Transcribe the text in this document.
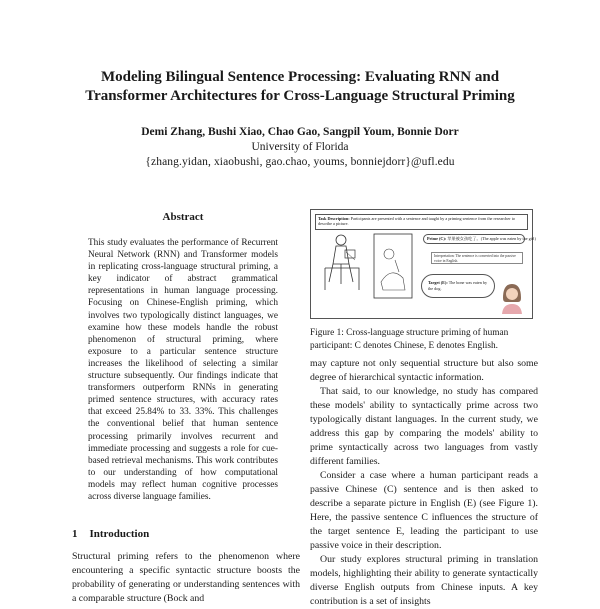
Modeling Bilingual Sentence Processing: Evaluating RNN and
Transformer Architectures for Cross-Language Structural Priming
Demi Zhang, Bushi Xiao, Chao Gao, Sangpil Youm, Bonnie Dorr
University of Florida
{zhang.yidan, xiaobushi, gao.chao, youms, bonniejdorr}@ufl.edu
Abstract

This study evaluates the performance of Recurrent Neural Network (RNN) and Transformer models in replicating cross-language structural priming, a key indicator of abstract grammatical representations in human language processing. Focusing on Chinese-English priming, which involves two typologically distinct languages, we examine how these models handle the robust phenomenon of structural priming, where exposure to a particular sentence structure increases the likelihood of selecting a similar structure subsequently. Our findings indicate that transformers outperform RNNs in generating primed sentence structures, with accuracy rates that exceed 25.84% to 33. 33%. This challenges the conventional belief that human sentence processing primarily involves recurrent and immediate processing and suggests a role for cue-based retrieval mechanisms. This work contributes to our understanding of how computational models may reflect human cognitive processes across diverse language families.

1 Introduction

Structural priming refers to the phenomenon where encountering a specific syntactic structure boosts the probability of generating or understanding sentences with a comparable structure (Bock and

Task Description: Participants are presented with a sentence and taught by a priming sentence from the researcher to describe a picture.
Prime (C): 苹果被女孩吃了。(The apple was eaten by the girl)
Interpretation: The sentence is converted into the passive voice in English.
Target (E): The bone was eaten by the dog.

Figure 1: Cross-language structure priming of human participant: C denotes Chinese, E denotes English.

may capture not only sequential structure but also some degree of hierarchical syntactic information.

That said, to our knowledge, no study has compared these models' ability to syntactically prime across two typologically distant languages. In the current study, we address this gap by comparing the models' ability to prime syntactically across two languages from vastly different families.

Consider a case where a human participant reads a passive Chinese (C) sentence and is then asked to describe a separate picture in English (E) (see Figure 1). Here, the passive sentence C influences the structure of the target sentence E, leading the participant to use passive voice in their description.

Our study explores structural priming in translation models, highlighting their ability to generate syntactically diverse English outputs from Chinese inputs. A key contribution is a set of insights
